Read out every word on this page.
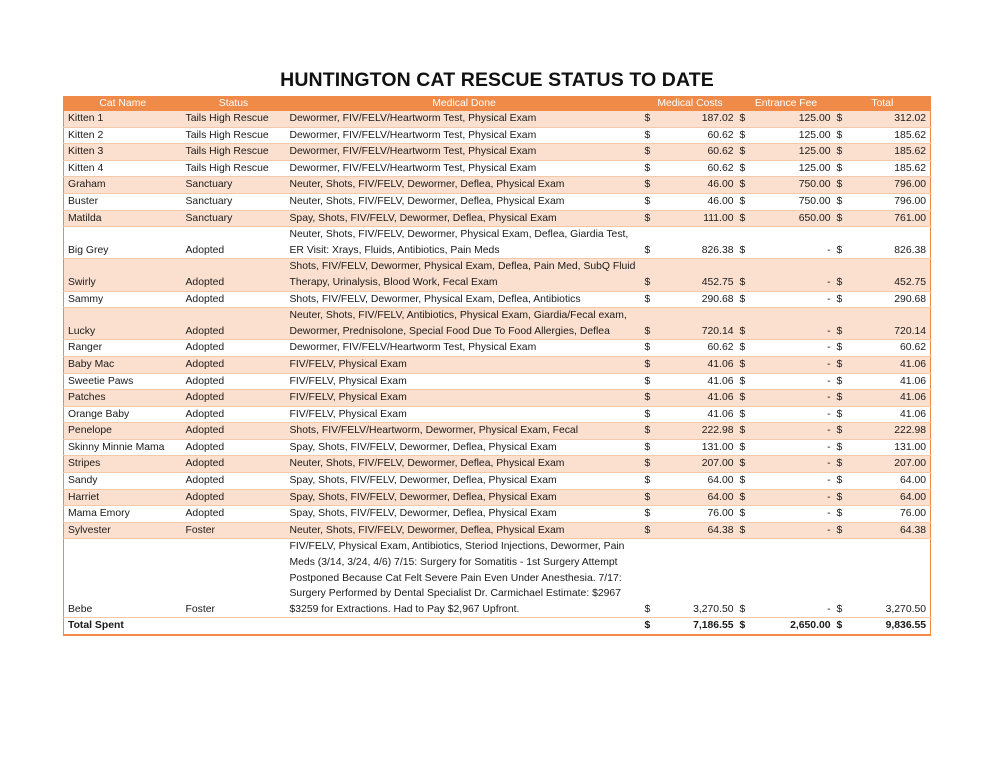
HUNTINGTON CAT RESCUE STATUS TO DATE
Cat Name	Status	Medical Done	Medical Costs		Entrance Fee		Total	
Kitten 1	Tails High Rescue	Dewormer, FIV/FELV/Heartworm Test, Physical Exam	$	187.02	$	125.00	$	312.02
Kitten 2	Tails High Rescue	Dewormer, FIV/FELV/Heartworm Test, Physical Exam	$	60.62	$	125.00	$	185.62
Kitten 3	Tails High Rescue	Dewormer, FIV/FELV/Heartworm Test, Physical Exam	$	60.62	$	125.00	$	185.62
Kitten 4	Tails High Rescue	Dewormer, FIV/FELV/Heartworm Test, Physical Exam	$	60.62	$	125.00	$	185.62
Graham	Sanctuary	Neuter, Shots, FIV/FELV, Dewormer, Deflea, Physical Exam	$	46.00	$	750.00	$	796.00
Buster	Sanctuary	Neuter, Shots, FIV/FELV, Dewormer, Deflea, Physical Exam	$	46.00	$	750.00	$	796.00
Matilda	Sanctuary	Spay, Shots, FIV/FELV, Dewormer, Deflea, Physical Exam	$	111.00	$	650.00	$	761.00
Big Grey	Adopted	Neuter, Shots, FIV/FELV, Dewormer, Physical Exam, Deflea, Giardia Test, ER Visit: Xrays, Fluids, Antibiotics, Pain Meds	$	826.38	$	-	$	826.38
Swirly	Adopted	Shots, FIV/FELV, Dewormer, Physical Exam, Deflea, Pain Med, SubQ Fluid Therapy, Urinalysis, Blood Work, Fecal Exam	$	452.75	$	-	$	452.75
Sammy	Adopted	Shots, FIV/FELV, Dewormer, Physical Exam, Deflea, Antibiotics	$	290.68	$	-	$	290.68
Lucky	Adopted	Neuter, Shots, FIV/FELV, Antibiotics, Physical Exam, Giardia/Fecal exam, Dewormer, Prednisolone, Special Food Due To Food Allergies, Deflea	$	720.14	$	-	$	720.14
Ranger	Adopted	Dewormer, FIV/FELV/Heartworm Test, Physical Exam	$	60.62	$	-	$	60.62
Baby Mac	Adopted	FIV/FELV, Physical Exam	$	41.06	$	-	$	41.06
Sweetie Paws	Adopted	FIV/FELV, Physical Exam	$	41.06	$	-	$	41.06
Patches	Adopted	FIV/FELV, Physical Exam	$	41.06	$	-	$	41.06
Orange Baby	Adopted	FIV/FELV, Physical Exam	$	41.06	$	-	$	41.06
Penelope	Adopted	Shots, FIV/FELV/Heartworm, Dewormer, Physical Exam, Fecal	$	222.98	$	-	$	222.98
Skinny Minnie Mama	Adopted	Spay, Shots, FIV/FELV, Dewormer, Deflea, Physical Exam	$	131.00	$	-	$	131.00
Stripes	Adopted	Neuter, Shots, FIV/FELV, Dewormer, Deflea, Physical Exam	$	207.00	$	-	$	207.00
Sandy	Adopted	Spay, Shots, FIV/FELV, Dewormer, Deflea, Physical Exam	$	64.00	$	-	$	64.00
Harriet	Adopted	Spay, Shots, FIV/FELV, Dewormer, Deflea, Physical Exam	$	64.00	$	-	$	64.00
Mama Emory	Adopted	Spay, Shots, FIV/FELV, Dewormer, Deflea, Physical Exam	$	76.00	$	-	$	76.00
Sylvester	Foster	Neuter, Shots, FIV/FELV, Dewormer, Deflea, Physical Exam	$	64.38	$	-	$	64.38
Bebe	Foster	FIV/FELV, Physical Exam, Antibiotics, Steriod Injections, Dewormer, Pain Meds (3/14, 3/24, 4/6) 7/15: Surgery for Somatitis - 1st Surgery Attempt Postponed Because Cat Felt Severe Pain Even Under Anesthesia. 7/17: Surgery Performed by Dental Specialist Dr. Carmichael Estimate: $2967 $3259 for Extractions. Had to Pay $2,967 Upfront.	$	3,270.50	$	-	$	3,270.50
Total Spent			$	7,186.55	$	2,650.00	$	9,836.55
